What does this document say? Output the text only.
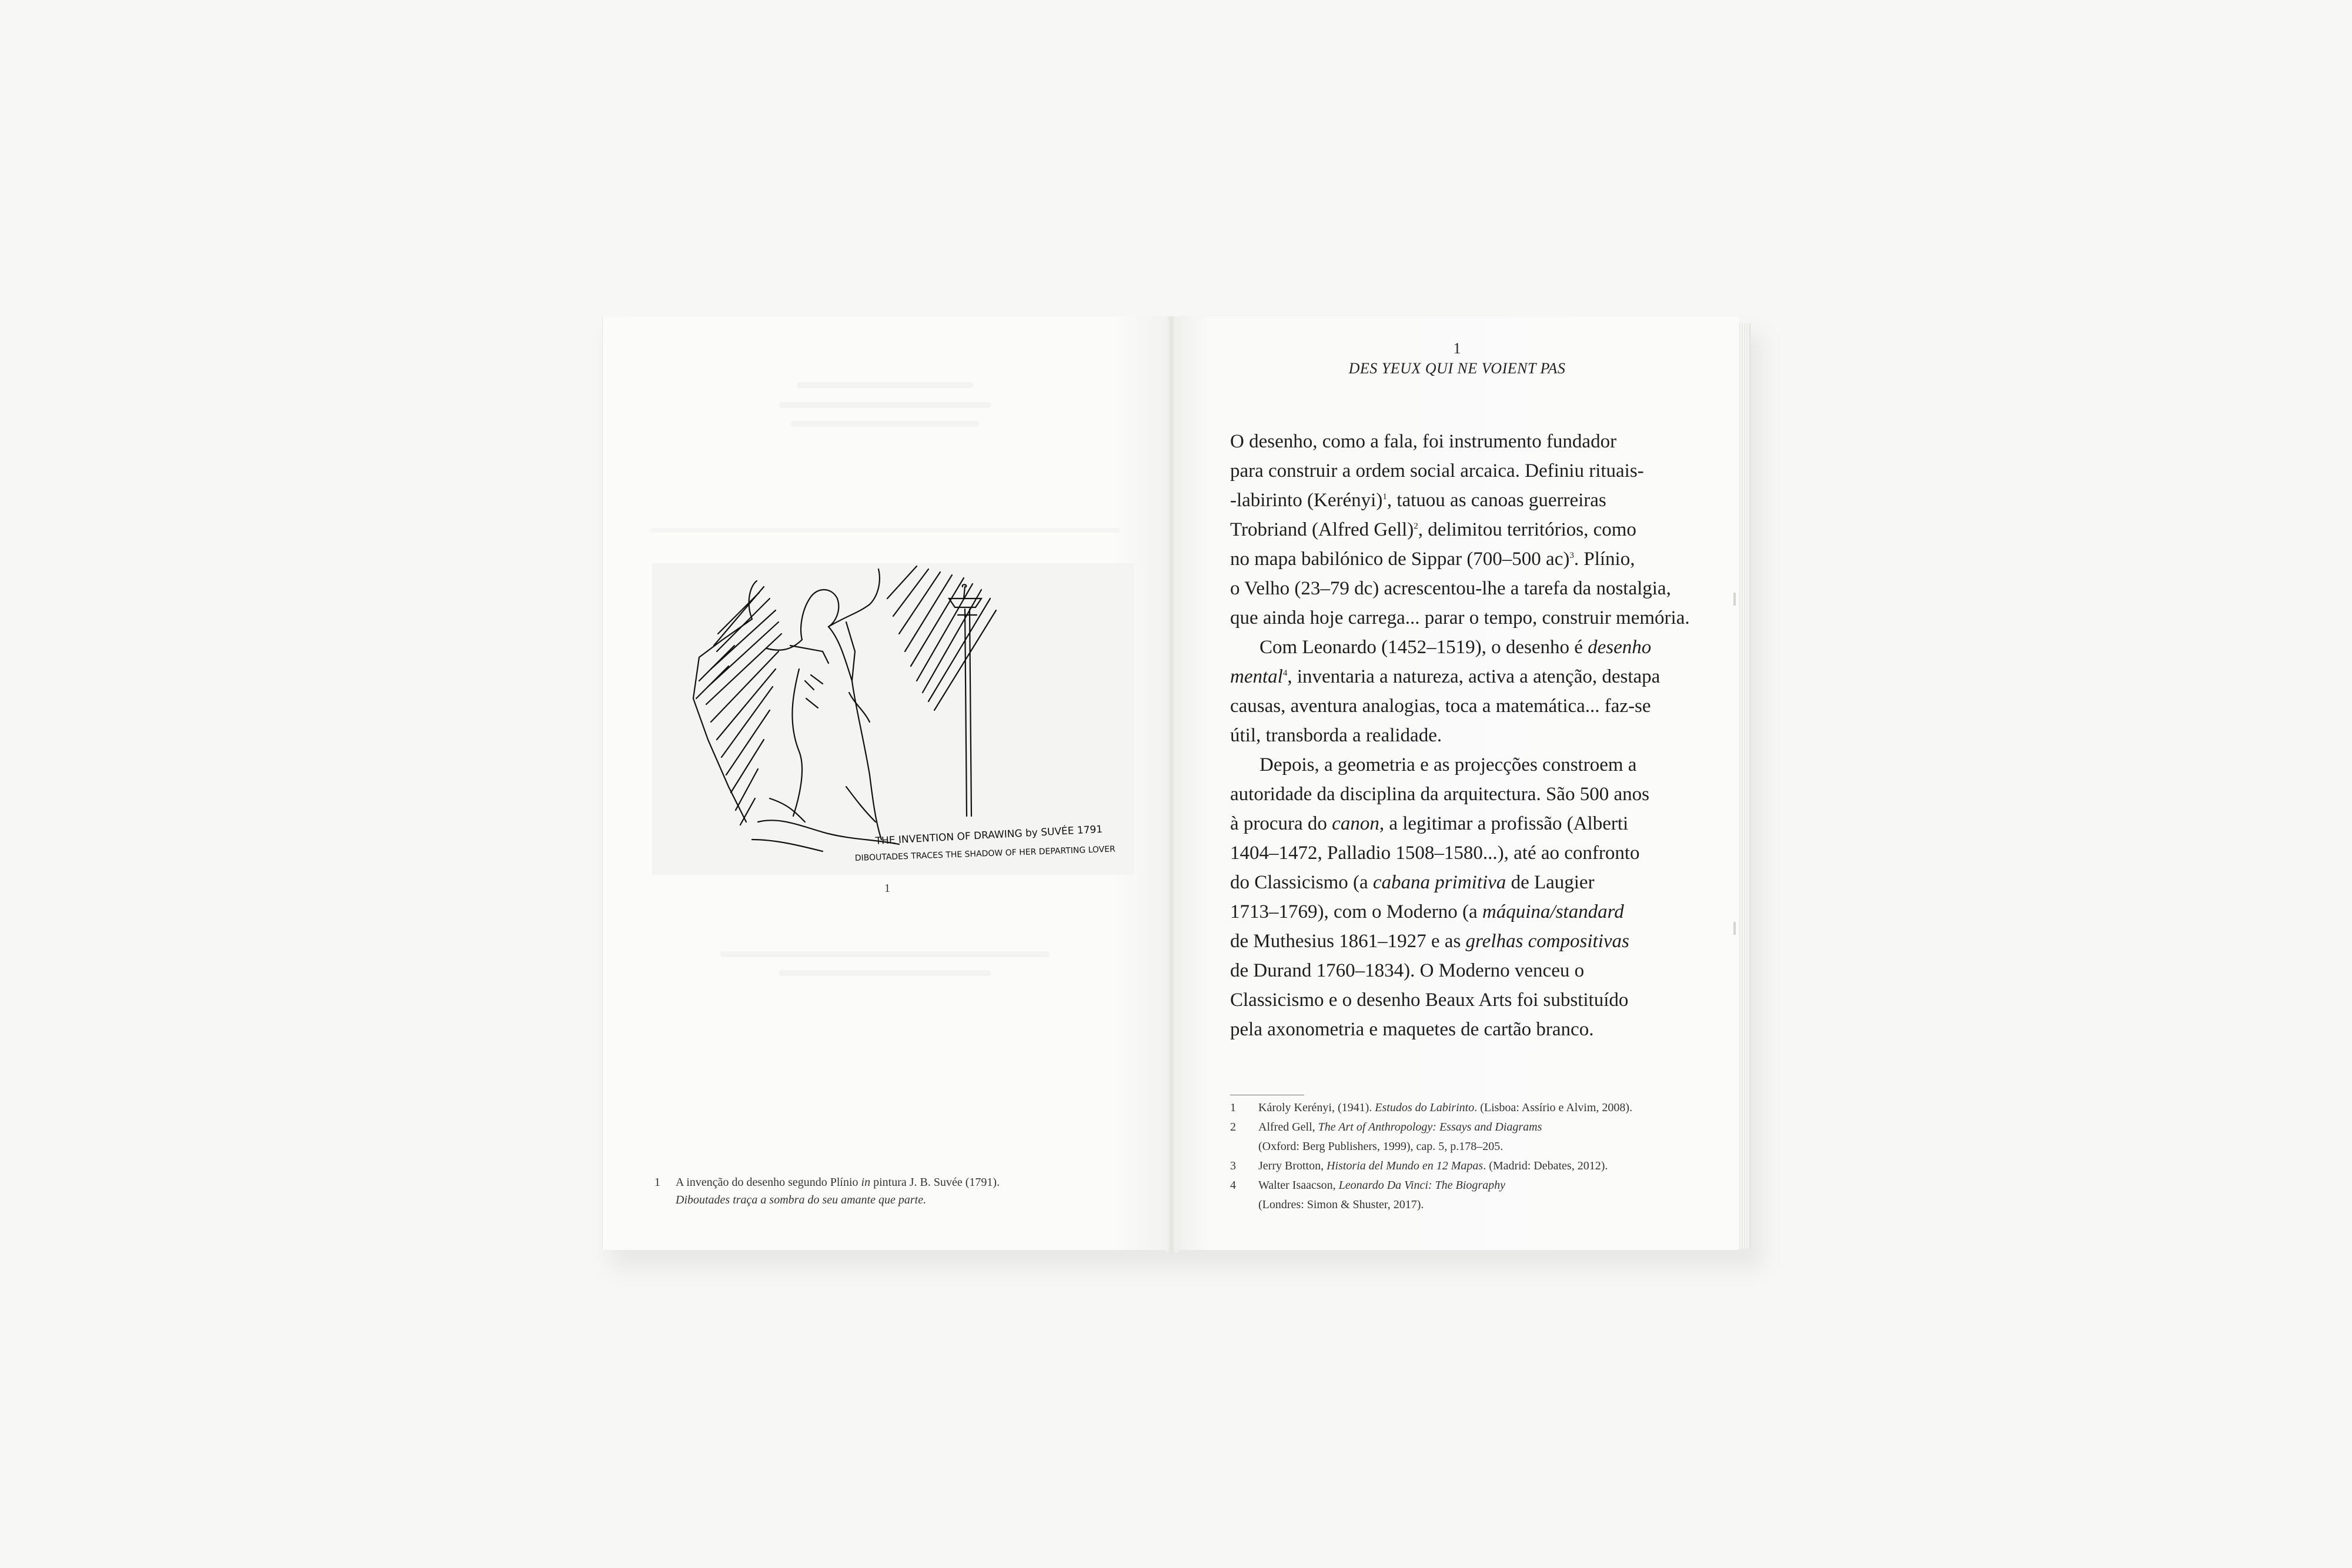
THE INVENTION OF DRAWING by SUVÉE 1791
DIBOUTADES TRACES THE SHADOW OF HER DEPARTING LOVER
1
1 A invenção do desenho segundo Plínio in pintura J. B. Suvée (1791).
Diboutades traça a sombra do seu amante que parte.
1
DES YEUX QUI NE VOIENT PAS

O desenho, como a fala, foi instrumento fundador
para construir a ordem social arcaica. Definiu rituais-
-labirinto (Kerényi)$^1$, tatuou as canoas guerreiras
Trobriand (Alfred Gell)$^2$, delimitou territórios, como
no mapa babilónico de Sippar (700–500 ac)$^3$. Plínio,
o Velho (23–79 dc) acrescentou-lhe a tarefa da nostalgia,
que ainda hoje carrega... parar o tempo, construir memória.

Com Leonardo (1452–1519), o desenho é desenho
mental$^4$, inventaria a natureza, activa a atenção, destapa
causas, aventura analogias, toca a matemática... faz-se
útil, transborda a realidade.

Depois, a geometria e as projecções constroem a
autoridade da disciplina da arquitectura. São 500 anos
à procura do canon, a legitimar a profissão (Alberti
1404–1472, Palladio 1508–1580...), até ao confronto
do Classicismo (a cabana primitiva de Laugier
1713–1769), com o Moderno (a máquina/standard
de Muthesius 1861–1927 e as grelhas compositivas
de Durand 1760–1834). O Moderno venceu o
Classicismo e o desenho Beaux Arts foi substituído
pela axonometria e maquetes de cartão branco.

1 Károly Kerényi, (1941). Estudos do Labirinto. (Lisboa: Assírio e Alvim, 2008).
2 Alfred Gell, The Art of Anthropology: Essays and Diagrams
(Oxford: Berg Publishers, 1999), cap. 5, p.178–205.
3 Jerry Brotton, Historia del Mundo en 12 Mapas. (Madrid: Debates, 2012).
4 Walter Isaacson, Leonardo Da Vinci: The Biography
(Londres: Simon & Shuster, 2017).
